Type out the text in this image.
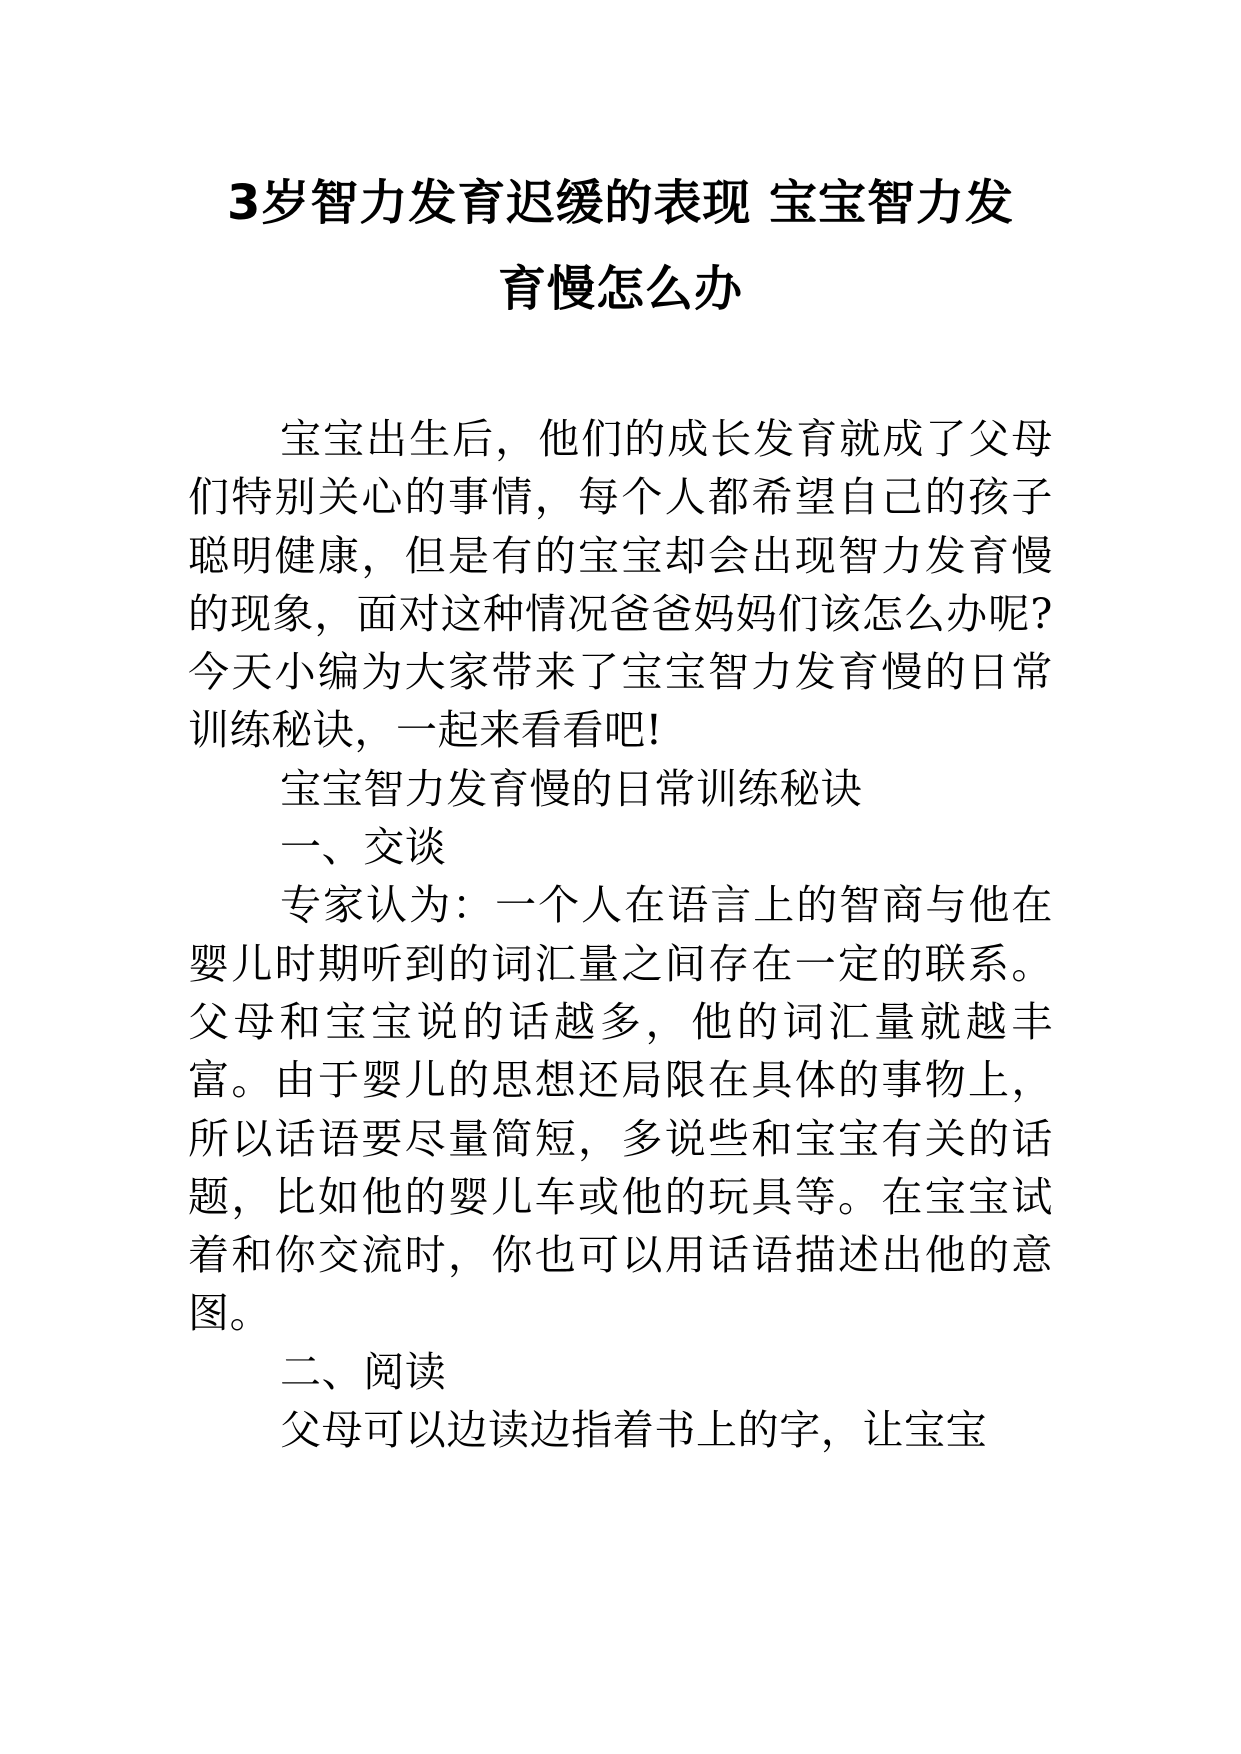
3岁智力发育迟缓的表现 宝宝智力发
育慢怎么办

宝宝出生后，他们的成长发育就成了父母们特别关心的事情，每个人都希望自己的孩子聪明健康，但是有的宝宝却会出现智力发育慢的现象，面对这种情况爸爸妈妈们该怎么办呢?今天小编为大家带来了宝宝智力发育慢的日常训练秘诀，一起来看看吧!

宝宝智力发育慢的日常训练秘诀

一、交谈

专家认为：一个人在语言上的智商与他在婴儿时期听到的词汇量之间存在一定的联系。父母和宝宝说的话越多，他的词汇量就越丰富。由于婴儿的思想还局限在具体的事物上，所以话语要尽量简短，多说些和宝宝有关的话题，比如他的婴儿车或他的玩具等。在宝宝试着和你交流时，你也可以用话语描述出他的意图。

二、阅读

父母可以边读边指着书上的字，让宝宝
